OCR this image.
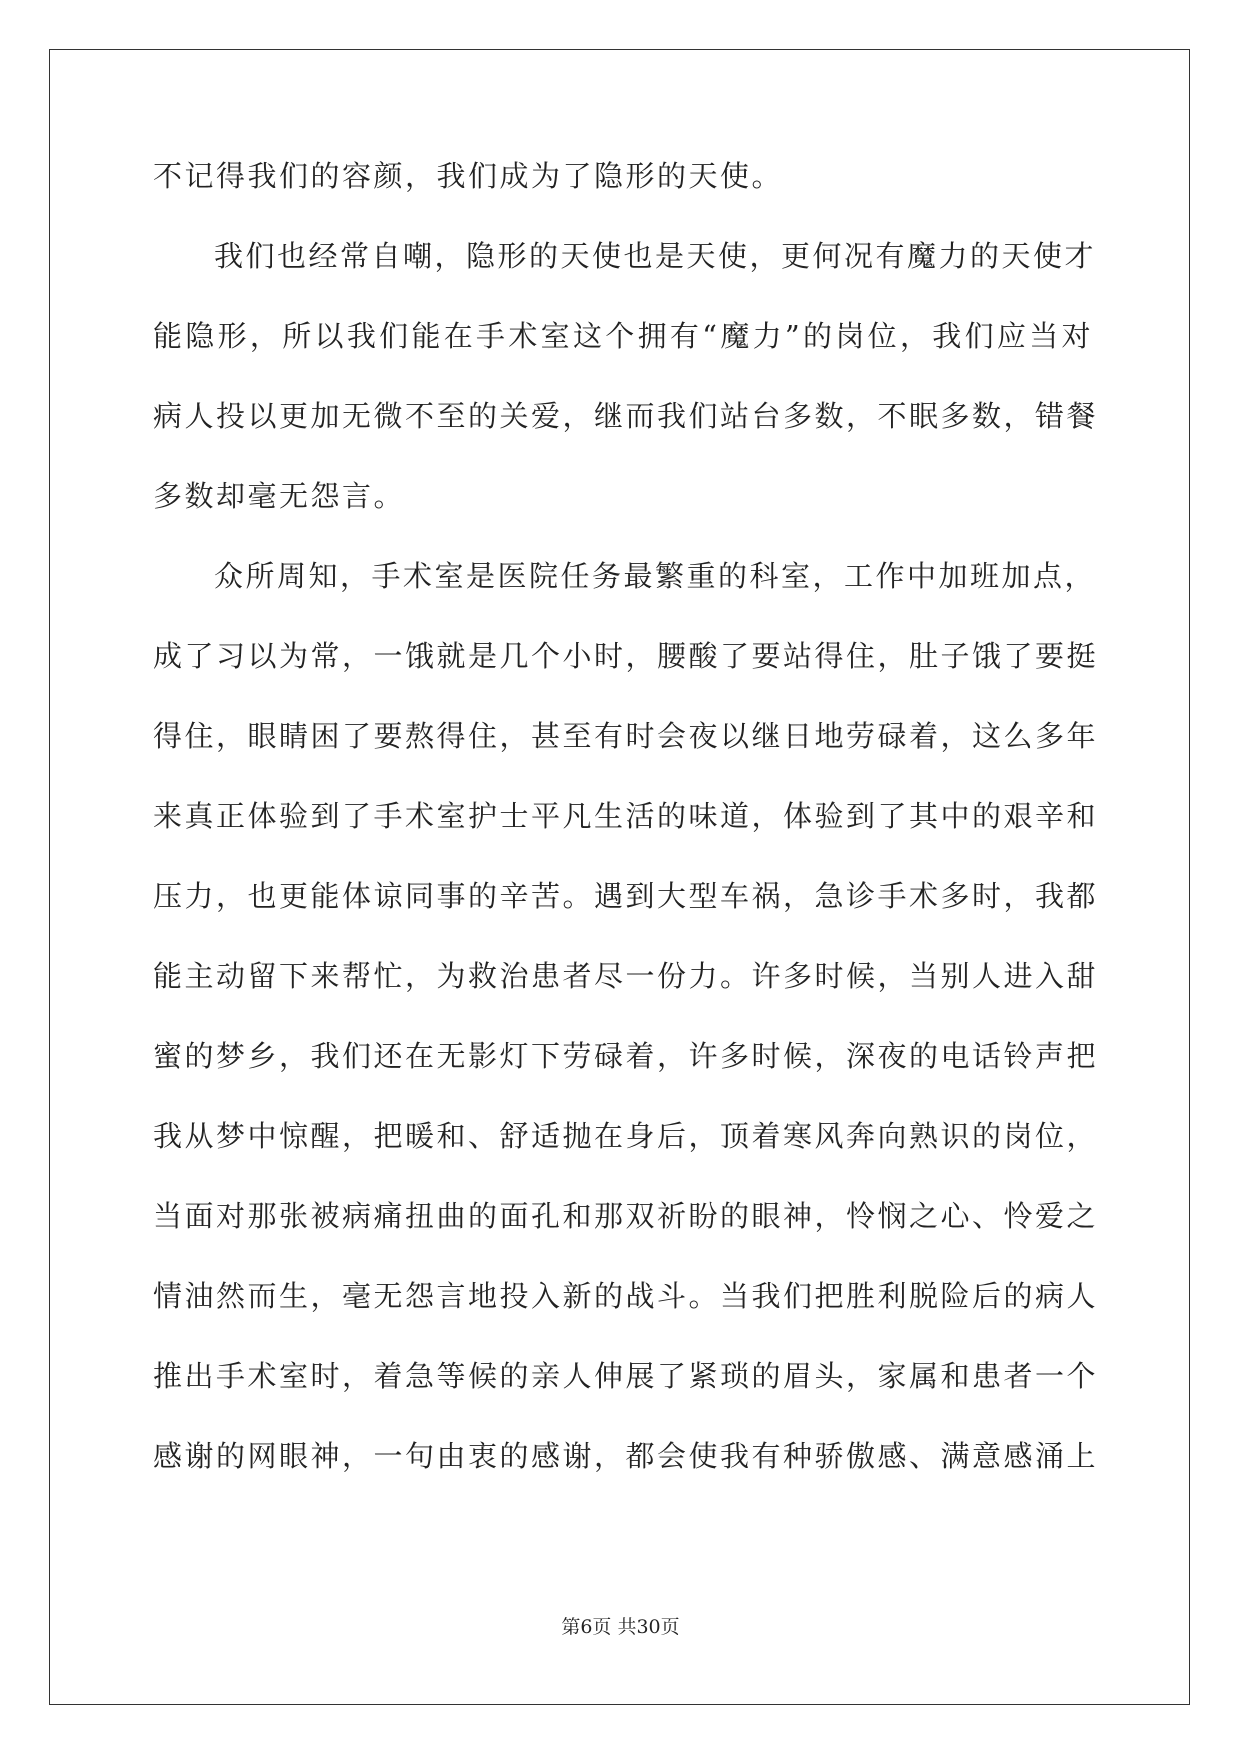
不记得我们的容颜，我们成为了隐形的天使。
我们也经常自嘲，隐形的天使也是天使，更何况有魔力的天使才
能隐形，所以我们能在手术室这个拥有“魔力”的岗位，我们应当对
病人投以更加无微不至的关爱，继而我们站台多数，不眠多数，错餐
多数却毫无怨言。
众所周知，手术室是医院任务最繁重的科室，工作中加班加点，
成了习以为常，一饿就是几个小时，腰酸了要站得住，肚子饿了要挺
得住，眼睛困了要熬得住，甚至有时会夜以继日地劳碌着，这么多年
来真正体验到了手术室护士平凡生活的味道，体验到了其中的艰辛和
压力，也更能体谅同事的辛苦。遇到大型车祸，急诊手术多时，我都
能主动留下来帮忙，为救治患者尽一份力。许多时候，当别人进入甜
蜜的梦乡，我们还在无影灯下劳碌着，许多时候，深夜的电话铃声把
我从梦中惊醒，把暖和、舒适抛在身后，顶着寒风奔向熟识的岗位，
当面对那张被病痛扭曲的面孔和那双祈盼的眼神，怜悯之心、怜爱之
情油然而生，毫无怨言地投入新的战斗。当我们把胜利脱险后的病人
推出手术室时，着急等候的亲人伸展了紧琐的眉头，家属和患者一个
感谢的网眼神，一句由衷的感谢，都会使我有种骄傲感、满意感涌上
第6页 共30页
